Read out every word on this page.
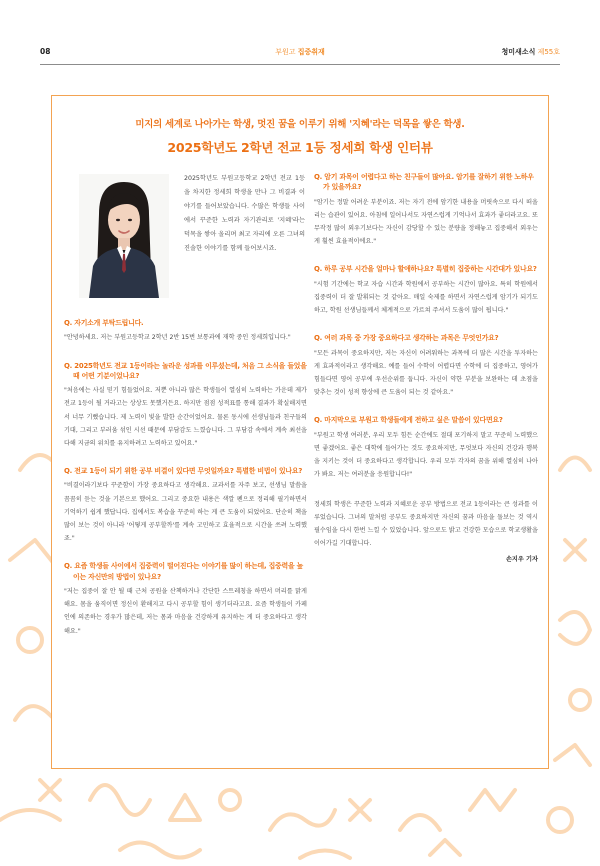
08	부원고 집중취재	청미새소식 제55호
미지의 세계로 나아가는 학생, 멋진 꿈을 이루기 위해 '지혜'라는 덕목을 쌓은 학생.
2025학년도 2학년 전교 1등 정세희 학생 인터뷰

2025학년도 부원고등학교 2학년 전교 1등을 차지한 정세희 학생을 만나 그 비결과 이야기를 들어보았습니다. 수많은 학생들 사이에서 꾸준한 노력과 자기관리로 '지혜'라는 덕목을 쌓아 올리며 최고 자리에 오른 그녀의 진솔한 이야기를 함께 들어보시죠.

Q. 자기소개 부탁드립니다.
"안녕하세요. 저는 부원고등학교 2학년 2반 15번 보통과에 재학 중인 정세희입니다."
Q. 2025학년도 전교 1등이라는 놀라운 성과를 이루셨는데, 처음 그 소식을 들었을 때 어떤 기분이었나요?
"처음에는 사실 믿기 힘들었어요. 저뿐 아니라 많은 학생들이 열심히 노력하는 가운데 제가 전교 1등이 될 거라고는 상상도 못했거든요. 하지만 점점 성적표를 통해 결과가 확실해지면서 너무 기뻤습니다. 제 노력이 빛을 발한 순간이었어요. 물론 동시에 선생님들과 친구들의 기대, 그리고 부러움 섞인 시선 때문에 부담감도 느꼈습니다. 그 부담감 속에서 계속 최선을 다해 지금의 위치를 유지하려고 노력하고 있어요."
Q. 전교 1등이 되기 위한 공부 비결이 있다면 무엇일까요? 특별한 비법이 있나요?
"비결이라기보다 꾸준함이 가장 중요하다고 생각해요. 교과서를 자주 보고, 선생님 말씀을 꼼꼼히 듣는 것을 기본으로 했어요. 그리고 중요한 내용은 색깔 펜으로 정리해 필기하면서 기억하기 쉽게 했답니다. 집에서도 복습을 꾸준히 하는 게 큰 도움이 되었어요. 단순히 책을 많이 보는 것이 아니라 '어떻게 공부할까'를 계속 고민하고 효율적으로 시간을 쓰려 노력했죠."
Q. 요즘 학생들 사이에서 집중력이 떨어진다는 이야기를 많이 하는데, 집중력을 높이는 자신만의 방법이 있나요?
"저는 집중이 잘 안 될 때 근처 공원을 산책하거나 간단한 스트레칭을 하면서 머리를 맑게 해요. 몸을 움직이면 정신이 환해지고 다시 공부할 힘이 생기더라고요. 요즘 학생들이 카페인에 의존하는 경우가 많은데, 저는 몸과 마음을 건강하게 유지하는 게 더 중요하다고 생각해요."
Q. 암기 과목이 어렵다고 하는 친구들이 많아요. 암기를 잘하기 위한 노하우가 있을까요?
"암기는 정말 어려운 부분이죠. 저는 자기 전에 암기한 내용을 머릿속으로 다시 떠올리는 습관이 있어요. 아침에 일어나서도 자연스럽게 기억나서 효과가 좋더라고요. 또 무작정 많이 외우기보다는 자신이 감당할 수 있는 분량을 정해놓고 집중해서 외우는 게 훨씬 효율적이에요."
Q. 하루 공부 시간을 얼마나 할애하나요? 특별히 집중하는 시간대가 있나요?
"시험 기간에는 학교 자습 시간과 학원에서 공부하는 시간이 많아요. 특히 학원에서 집중력이 더 잘 발휘되는 것 같아요. 매일 숙제를 하면서 자연스럽게 암기가 되기도 하고, 학원 선생님들께서 체계적으로 가르쳐 주셔서 도움이 많이 됩니다."
Q. 여러 과목 중 가장 중요하다고 생각하는 과목은 무엇인가요?
"모든 과목이 중요하지만, 저는 자신이 어려워하는 과목에 더 많은 시간을 투자하는 게 효과적이라고 생각해요. 예를 들어 수학이 어렵다면 수학에 더 집중하고, 영어가 힘들다면 영어 공부에 우선순위를 둡니다. 자신이 약한 부분을 보완하는 데 초점을 맞추는 것이 성적 향상에 큰 도움이 되는 것 같아요."
Q. 마지막으로 부원고 학생들에게 전하고 싶은 말씀이 있다면요?
"부원고 학생 여러분, 우리 모두 힘든 순간에도 절대 포기하지 말고 꾸준히 노력했으면 좋겠어요. 좋은 대학에 들어가는 것도 중요하지만, 무엇보다 자신의 건강과 행복을 지키는 것이 더 중요하다고 생각합니다. 우리 모두 각자의 꿈을 위해 열심히 나아가 봐요. 저는 여러분을 응원합니다!"

정세희 학생은 꾸준한 노력과 지혜로운 공부 방법으로 전교 1등이라는 큰 성과를 이루었습니다. 그녀의 말처럼 공부도 중요하지만 자신의 꿈과 마음을 돌보는 것 역시 필수임을 다시 한번 느낄 수 있었습니다. 앞으로도 밝고 건강한 모습으로 학교생활을 이어가길 기대합니다.

손지우 기자
